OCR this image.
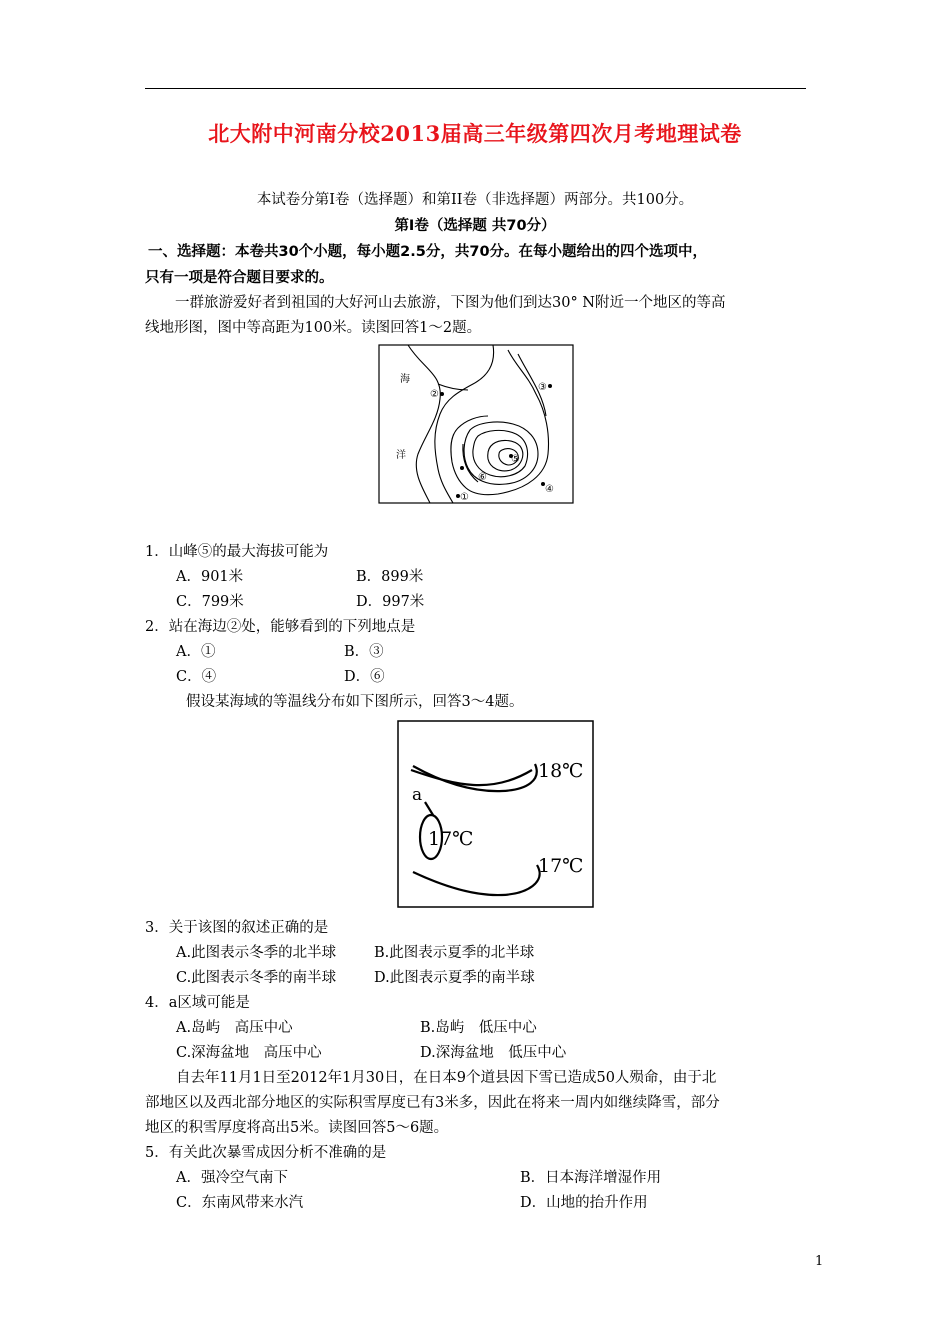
北大附中河南分校2013届高三年级第四次月考地理试卷
本试卷分第Ⅰ卷（选择题）和第II卷（非选择题）两部分。共100分。
第Ⅰ卷（选择题 共70分）
一、选择题：本卷共30个小题，每小题2.5分，共70分。在每小题给出的四个选项中，
只有一项是符合题目要求的。
一群旅游爱好者到祖国的大好河山去旅游，下图为他们到达30° N附近一个地区的等高
线地形图，图中等高距为100米。读图回答1～2题。
海
洋
①
②
③
④
⑤
⑥
1．山峰⑤的最大海拔可能为
A．901米	B．899米
C．799米	D．997米
2．站在海边②处，能够看到的下列地点是
A．①	B．③
C．④	D．⑥
假设某海域的等温线分布如下图所示，回答3～4题。
18℃
17℃
17℃
a
3．关于该图的叙述正确的是
A.此图表示冬季的北半球	B.此图表示夏季的北半球
C.此图表示冬季的南半球	D.此图表示夏季的南半球
4．a区域可能是
A.岛屿　高压中心	B.岛屿　低压中心
C.深海盆地　高压中心	D.深海盆地　低压中心
自去年11月1日至2012年1月30日，在日本9个道县因下雪已造成50人殒命，由于北
部地区以及西北部分地区的实际积雪厚度已有3米多，因此在将来一周内如继续降雪，部分
地区的积雪厚度将高出5米。读图回答5～6题。
5．有关此次暴雪成因分析不准确的是
A．强冷空气南下	B．日本海洋增湿作用
C．东南风带来水汽	D．山地的抬升作用
1
